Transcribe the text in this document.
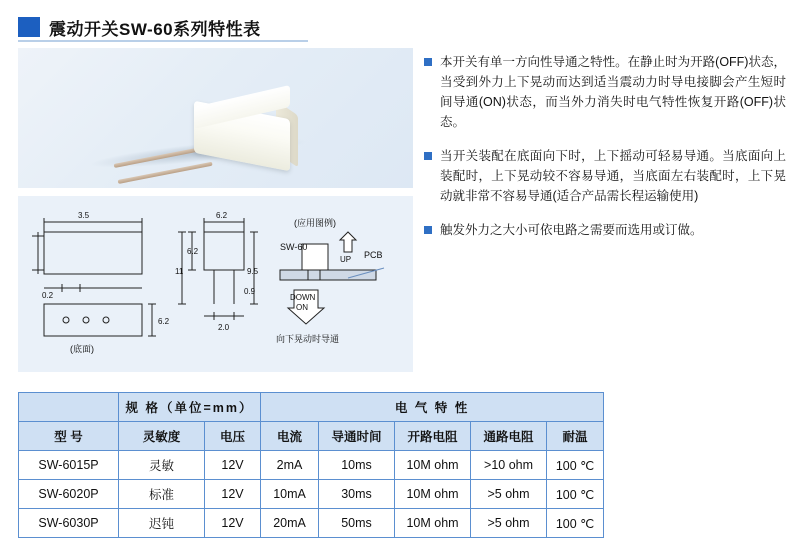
震动开关SW-60系列特性表
本开关有单一方向性导通之特性。在静止时为开路(OFF)状态，当受到外力上下晃动而达到适当震动力时导电接脚会产生短时间导通(ON)状态，而当外力消失时电气特性恢复开路(OFF)状态。
当开关装配在底面向下时，上下摇动可轻易导通。当底面向上装配时，上下晃动较不容易导通，当底面左右装配时，上下晃动就非常不容易导通(适合产品需长程运输使用)
触发外力之大小可依电路之需要而选用或订做。
3.5
0.2
(底面)
6.2
6.2
6.2
11	9.5
0.9
2.0
(应用图例)
SW-60
PCB
UP
DOWN
ON
向下晃动时导通
	规 格（单位=mm）		电 气 特 性				
型 号	灵敏度	电压	电流	导通时间	开路电阻	通路电阻	耐温
SW-6015P	灵敏	12V	2mA	10ms	10M ohm	>10 ohm	100 ℃
SW-6020P	标准	12V	10mA	30ms	10M ohm	>5 ohm	100 ℃
SW-6030P	迟钝	12V	20mA	50ms	10M ohm	>5 ohm	100 ℃
